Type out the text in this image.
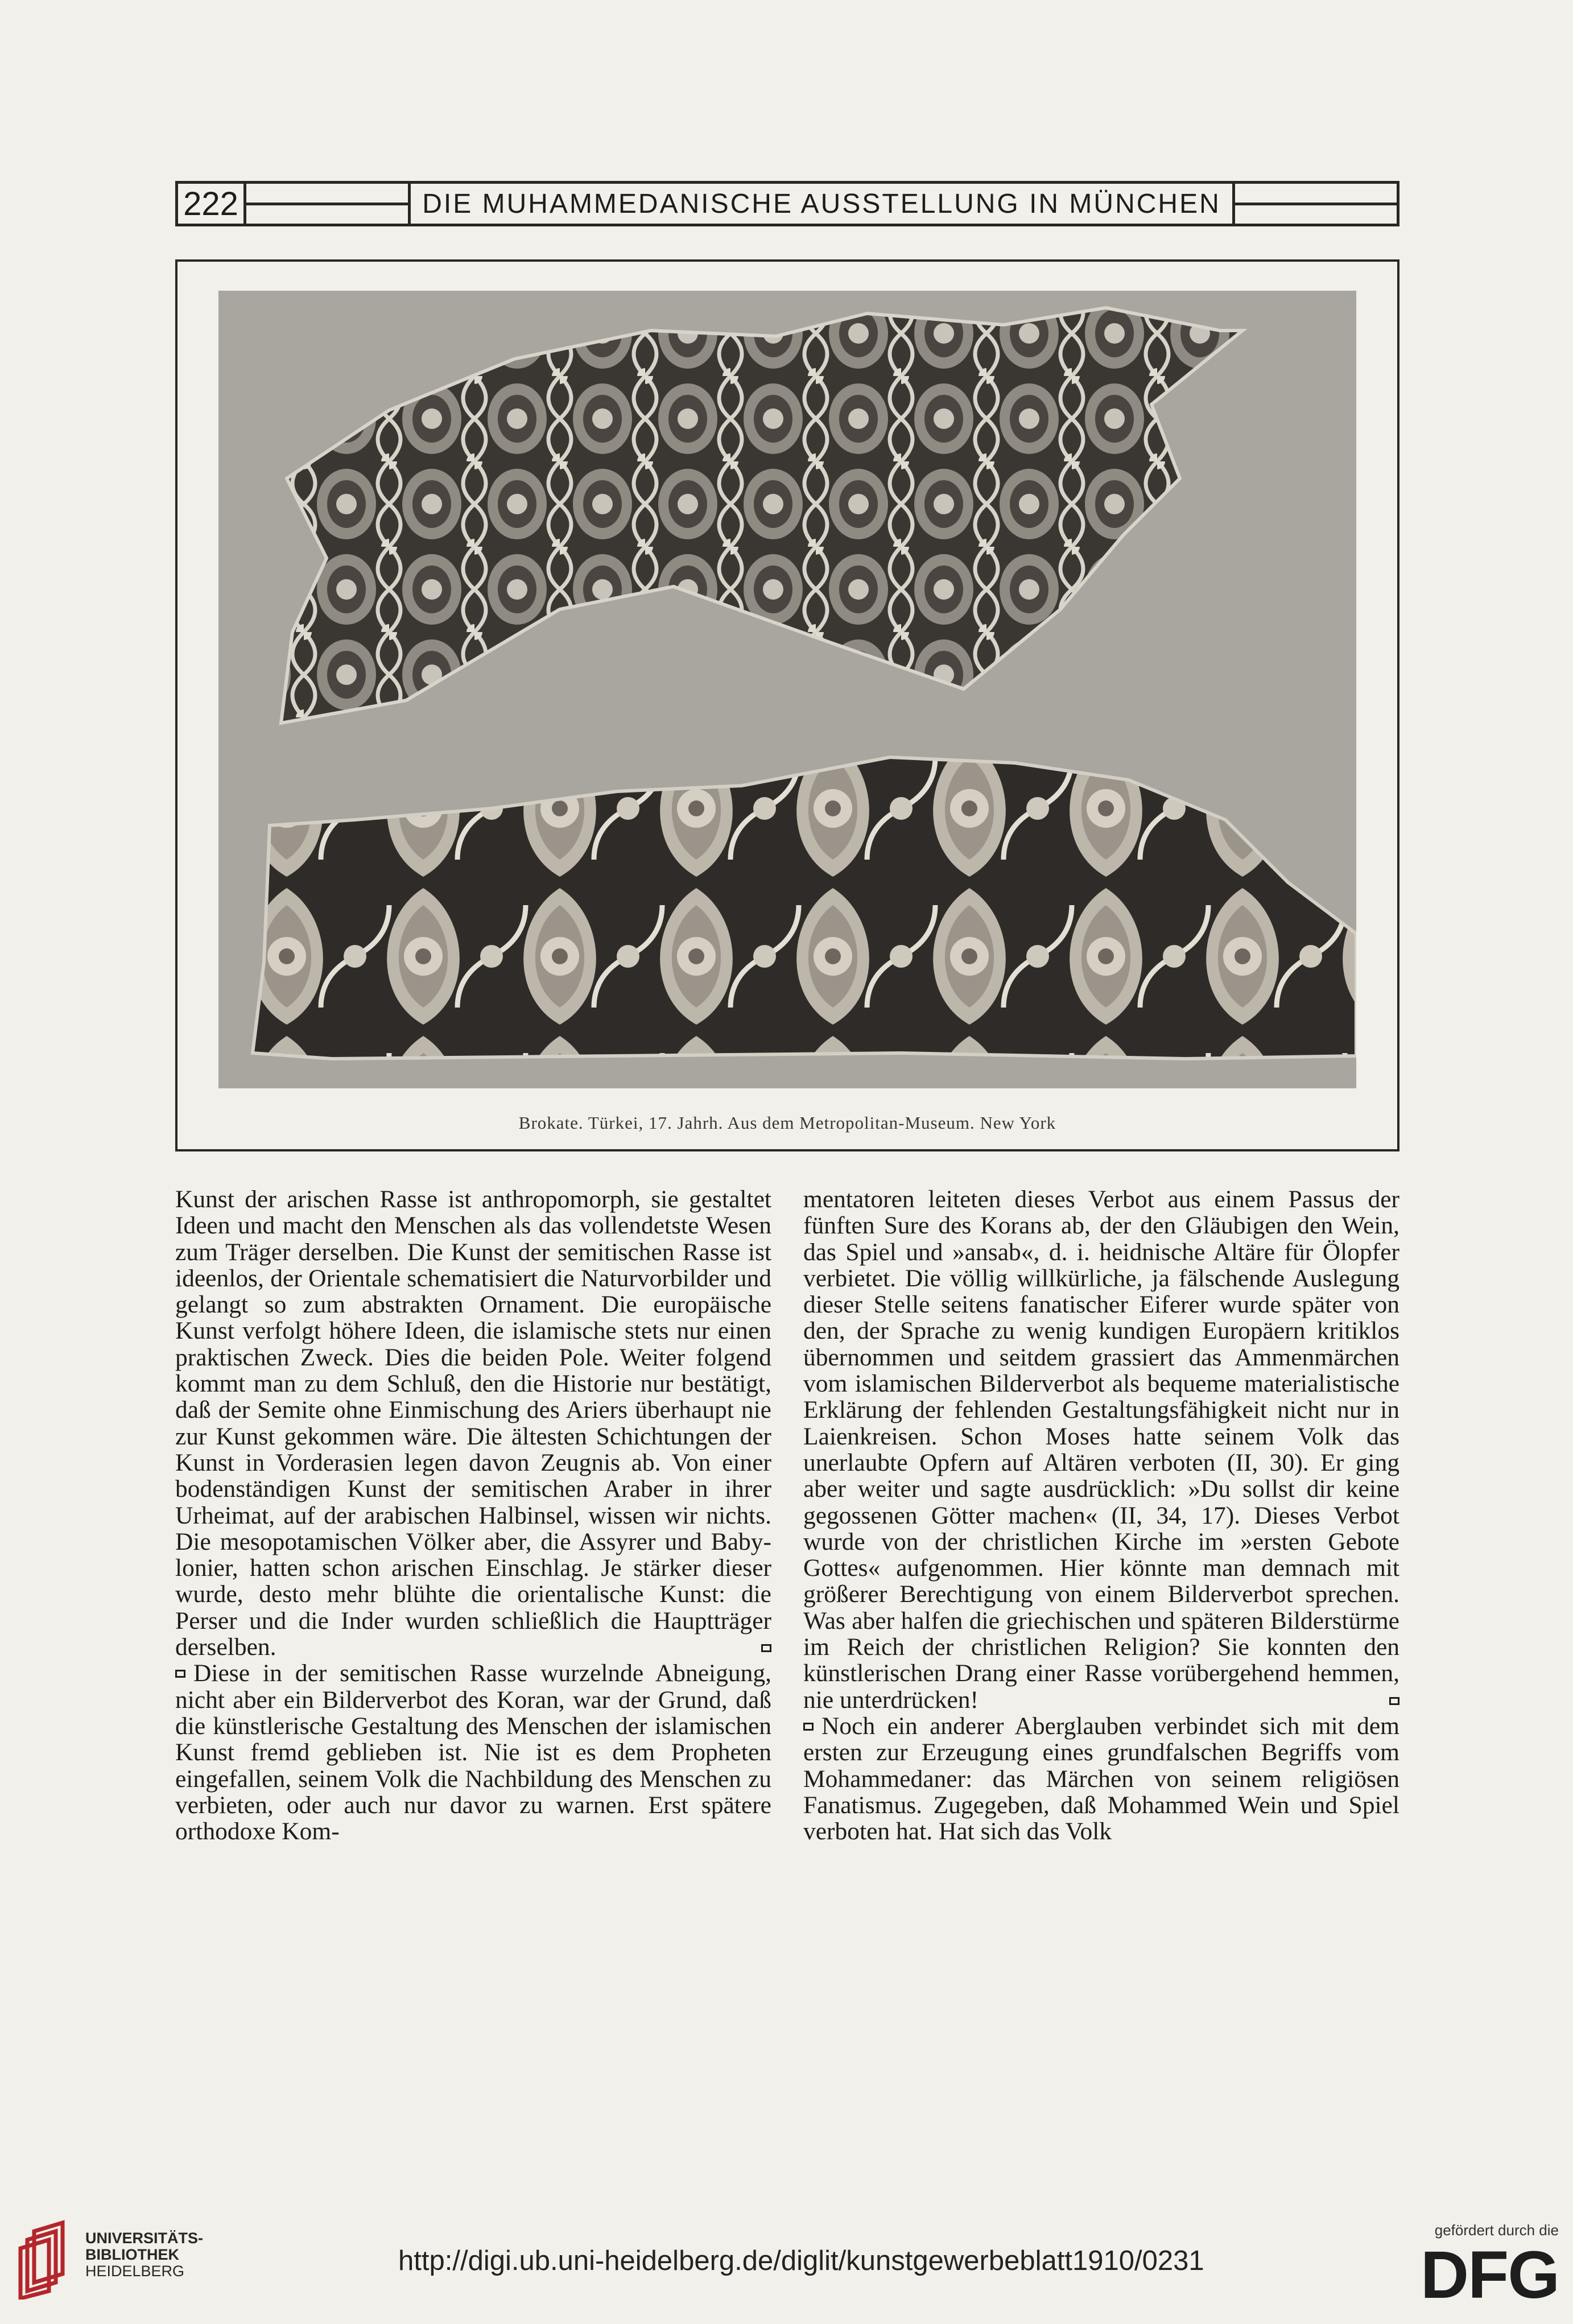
222	DIE MUHAMMEDANISCHE AUSSTELLUNG IN MÜNCHEN
Brokate. Türkei, 17. Jahrh. Aus dem Metropolitan-Museum. New York

Kunst der arischen Rasse ist anthropomorph, sie gestaltet Ideen und macht den Menschen als das vollendetste Wesen zum Träger derselben. Die Kunst der semitischen Rasse ist ideenlos, der Orientale schematisiert die Naturvorbilder und gelangt so zum abstrakten Ornament. Die europäische Kunst verfolgt höhere Ideen, die islamische stets nur einen praktischen Zweck. Dies die beiden Pole. Weiter folgend kommt man zu dem Schluß, den die Historie nur bestätigt, daß der Semite ohne Einmischung des Ariers überhaupt nie zur Kunst gekommen wäre. Die ältesten Schichtungen der Kunst in Vorderasien legen davon Zeugnis ab. Von einer bodenständigen Kunst der semitischen Araber in ihrer Urheimat, auf der arabischen Halbinsel, wissen wir nichts. Die mesopotamischen Völker aber, die Assyrer und Babylonier, hatten schon arischen Einschlag. Je stärker dieser wurde, desto mehr blühte die orientalische Kunst: die Perser und die Inder wurden schließlich die Hauptträger derselben.

Diese in der semitischen Rasse wurzelnde Abneigung, nicht aber ein Bilderverbot des Koran, war der Grund, daß die künstlerische Gestaltung des Menschen der islamischen Kunst fremd geblieben ist. Nie ist es dem Propheten eingefallen, seinem Volk die Nachbildung des Menschen zu verbieten, oder auch nur davor zu warnen. Erst spätere orthodoxe Kom-

mentatoren leiteten dieses Verbot aus einem Passus der fünften Sure des Korans ab, der den Gläubigen den Wein, das Spiel und »ansab«, d. i. heidnische Altäre für Ölopfer verbietet. Die völlig willkürliche, ja fälschende Auslegung dieser Stelle seitens fanatischer Eiferer wurde später von den, der Sprache zu wenig kundigen Europäern kritiklos übernommen und seitdem grassiert das Ammenmärchen vom islamischen Bilderverbot als bequeme materialistische Erklärung der fehlenden Gestaltungsfähigkeit nicht nur in Laienkreisen. Schon Moses hatte seinem Volk das unerlaubte Opfern auf Altären verboten (II, 30). Er ging aber weiter und sagte ausdrücklich: »Du sollst dir keine gegossenen Götter machen« (II, 34, 17). Dieses Verbot wurde von der christlichen Kirche im »ersten Gebote Gottes« aufgenommen. Hier könnte man demnach mit größerer Berechtigung von einem Bilderverbot sprechen. Was aber halfen die griechischen und späteren Bilderstürme im Reich der christlichen Religion? Sie konnten den künstlerischen Drang einer Rasse vorübergehend hemmen, nie unterdrücken!

Noch ein anderer Aberglauben verbindet sich mit dem ersten zur Erzeugung eines grundfalschen Begriffs vom Mohammedaner: das Märchen von seinem religiösen Fanatismus. Zugegeben, daß Mohammed Wein und Spiel verboten hat. Hat sich das Volk

UNIVERSITÄTS-
BIBLIOTHEK
HEIDELBERG	http://digi.ub.uni-heidelberg.de/diglit/kunstgewerbeblatt1910/0231
gefördert durch die
DFG
